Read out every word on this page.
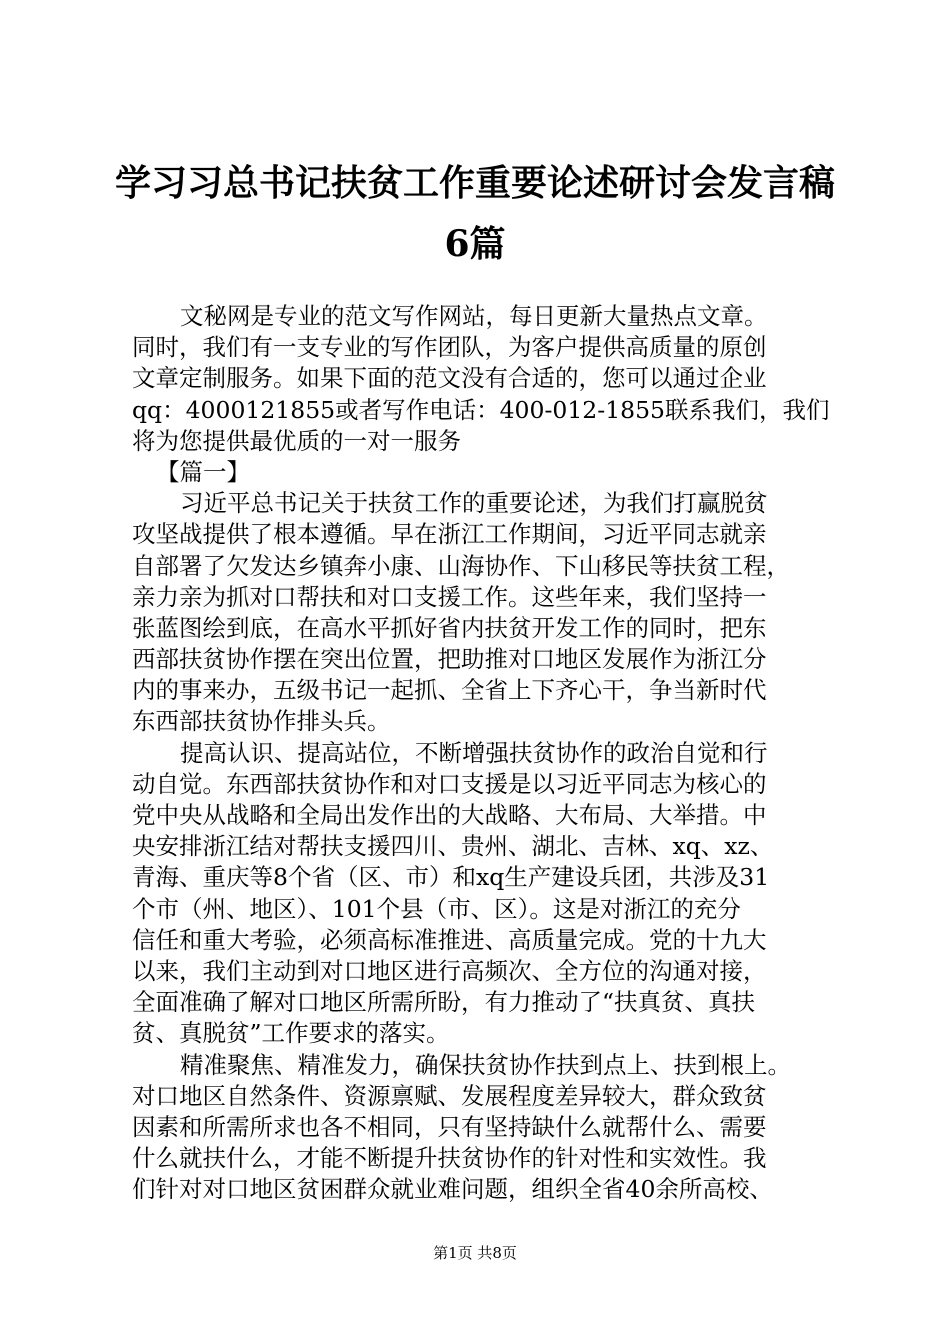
学习习总书记扶贫工作重要论述研讨会发言稿
6篇
文秘网是专业的范文写作网站，每日更新大量热点文章。
同时，我们有一支专业的写作团队，为客户提供高质量的原创
文章定制服务。如果下面的范文没有合适的，您可以通过企业
qq：4000121855或者写作电话：400-012-1855联系我们，我们
将为您提供最优质的一对一服务
【篇一】
习近平总书记关于扶贫工作的重要论述，为我们打赢脱贫
攻坚战提供了根本遵循。早在浙江工作期间，习近平同志就亲
自部署了欠发达乡镇奔小康、山海协作、下山移民等扶贫工程，
亲力亲为抓对口帮扶和对口支援工作。这些年来，我们坚持一
张蓝图绘到底，在高水平抓好省内扶贫开发工作的同时，把东
西部扶贫协作摆在突出位置，把助推对口地区发展作为浙江分
内的事来办，五级书记一起抓、全省上下齐心干，争当新时代
东西部扶贫协作排头兵。
提高认识、提高站位，不断增强扶贫协作的政治自觉和行
动自觉。东西部扶贫协作和对口支援是以习近平同志为核心的
党中央从战略和全局出发作出的大战略、大布局、大举措。中
央安排浙江结对帮扶支援四川、贵州、湖北、吉林、xq、xz、
青海、重庆等8个省（区、市）和xq生产建设兵团，共涉及31
个市（州、地区）、101个县（市、区）。这是对浙江的充分
信任和重大考验，必须高标准推进、高质量完成。党的十九大
以来，我们主动到对口地区进行高频次、全方位的沟通对接，
全面准确了解对口地区所需所盼，有力推动了“扶真贫、真扶
贫、真脱贫”工作要求的落实。
精准聚焦、精准发力，确保扶贫协作扶到点上、扶到根上。
对口地区自然条件、资源禀赋、发展程度差异较大，群众致贫
因素和所需所求也各不相同，只有坚持缺什么就帮什么、需要
什么就扶什么，才能不断提升扶贫协作的针对性和实效性。我
们针对对口地区贫困群众就业难问题，组织全省40余所高校、
第1页 共8页
